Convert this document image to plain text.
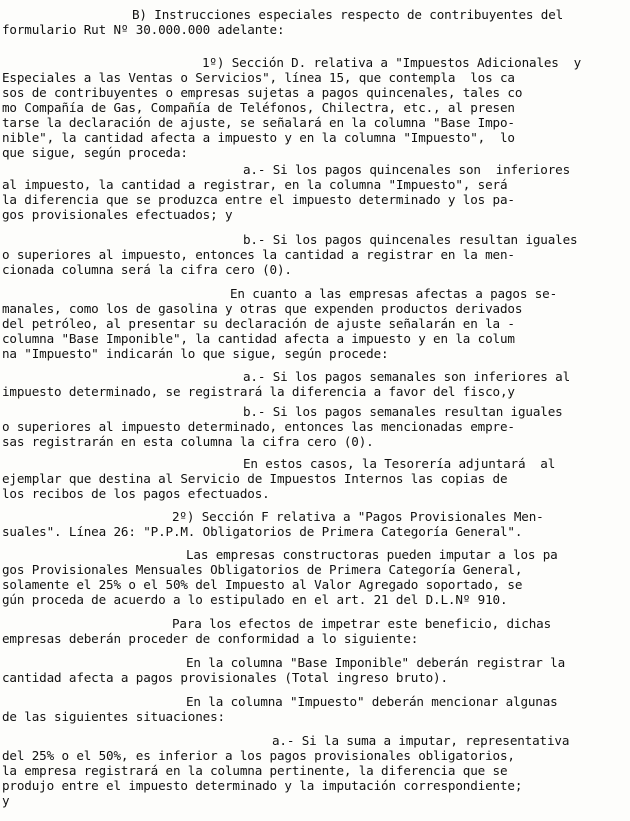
B) Instrucciones especiales respecto de contribuyentes del
formulario Rut Nº 30.000.000 adelante:
1º) Sección D. relativa a "Impuestos Adicionales  y
Especiales a las Ventas o Servicios", línea 15, que contempla  los ca
sos de contribuyentes o empresas sujetas a pagos quincenales, tales co
mo Compañía de Gas, Compañía de Teléfonos, Chilectra, etc., al presen
tarse la declaración de ajuste, se señalará en la columna "Base Impo-
nible", la cantidad afecta a impuesto y en la columna "Impuesto",  lo
que sigue, según proceda:
a.- Si los pagos quincenales son  inferiores
al impuesto, la cantidad a registrar, en la columna "Impuesto", será
la diferencia que se produzca entre el impuesto determinado y los pa-
gos provisionales efectuados; y
b.- Si los pagos quincenales resultan iguales
o superiores al impuesto, entonces la cantidad a registrar en la men-
cionada columna será la cifra cero (0).
En cuanto a las empresas afectas a pagos se-
manales, como los de gasolina y otras que expenden productos derivados
del petróleo, al presentar su declaración de ajuste señalarán en la -
columna "Base Imponible", la cantidad afecta a impuesto y en la colum
na "Impuesto" indicarán lo que sigue, según procede:
a.- Si los pagos semanales son inferiores al
impuesto determinado, se registrará la diferencia a favor del fisco,y
b.- Si los pagos semanales resultan iguales
o superiores al impuesto determinado, entonces las mencionadas empre-
sas registrarán en esta columna la cifra cero (0).
En estos casos, la Tesorería adjuntará  al
ejemplar que destina al Servicio de Impuestos Internos las copias de
los recibos de los pagos efectuados.
2º) Sección F relativa a "Pagos Provisionales Men-
suales". Línea 26: "P.P.M. Obligatorios de Primera Categoría General".
Las empresas constructoras pueden imputar a los pa
gos Provisionales Mensuales Obligatorios de Primera Categoría General,
solamente el 25% o el 50% del Impuesto al Valor Agregado soportado, se
gún proceda de acuerdo a lo estipulado en el art. 21 del D.L.Nº 910.
Para los efectos de impetrar este beneficio, dichas
empresas deberán proceder de conformidad a lo siguiente:
En la columna "Base Imponible" deberán registrar la
cantidad afecta a pagos provisionales (Total ingreso bruto).
En la columna "Impuesto" deberán mencionar algunas
de las siguientes situaciones:
a.- Si la suma a imputar, representativa
del 25% o el 50%, es inferior a los pagos provisionales obligatorios,
la empresa registrará en la columna pertinente, la diferencia que se
produjo entre el impuesto determinado y la imputación correspondiente;
y
